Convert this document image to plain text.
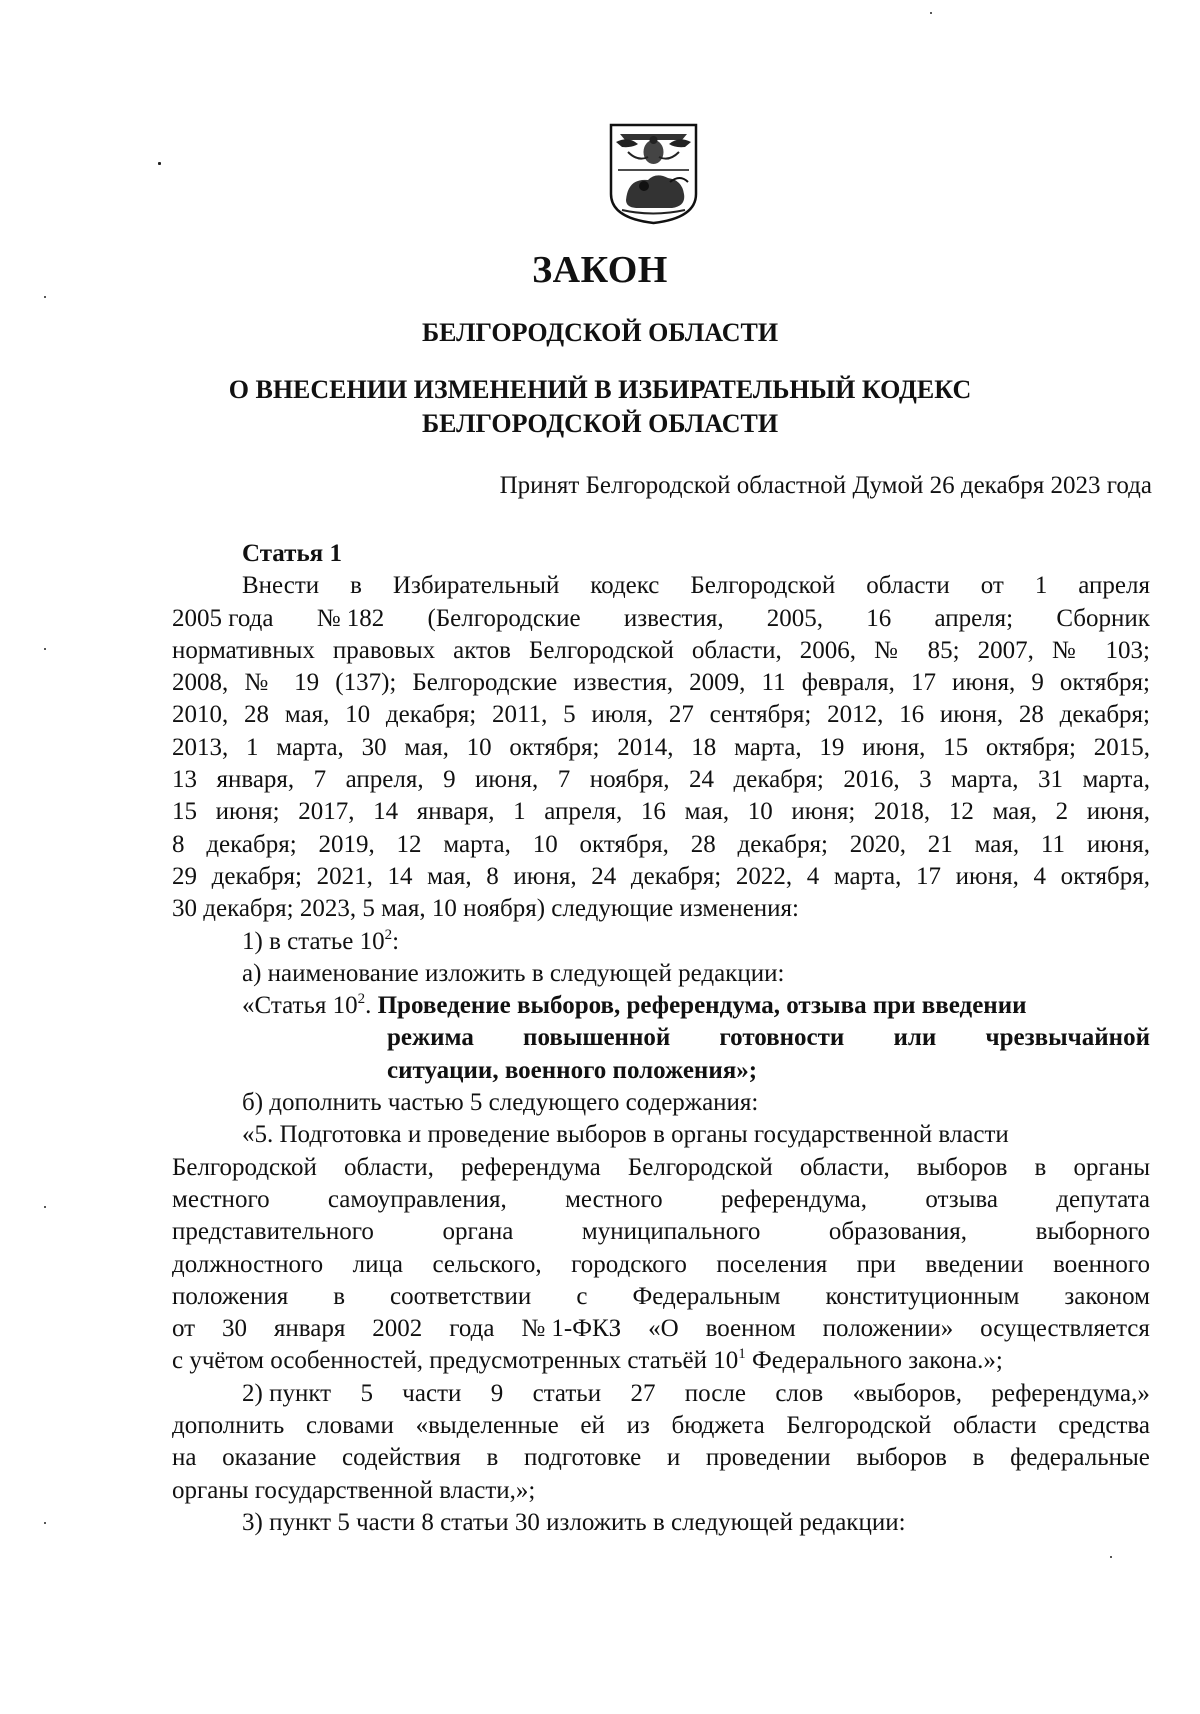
ЗАКОН
БЕЛГОРОДСКОЙ ОБЛАСТИ
О ВНЕСЕНИИ ИЗМЕНЕНИЙ В ИЗБИРАТЕЛЬНЫЙ КОДЕКС
БЕЛГОРОДСКОЙ ОБЛАСТИ
Принят Белгородской областной Думой 26 декабря 2023 года
Статья 1
Внести в Избирательный кодекс Белгородской области от 1 апреля
2005 года № 182 (Белгородские известия, 2005, 16 апреля; Сборник
нормативных правовых актов Белгородской области, 2006, № 85; 2007, № 103;
2008, № 19 (137); Белгородские известия, 2009, 11 февраля, 17 июня, 9 октября;
2010, 28 мая, 10 декабря; 2011, 5 июля, 27 сентября; 2012, 16 июня, 28 декабря;
2013, 1 марта, 30 мая, 10 октября; 2014, 18 марта, 19 июня, 15 октября; 2015,
13 января, 7 апреля, 9 июня, 7 ноября, 24 декабря; 2016, 3 марта, 31 марта,
15 июня; 2017, 14 января, 1 апреля, 16 мая, 10 июня; 2018, 12 мая, 2 июня,
8 декабря; 2019, 12 марта, 10 октября, 28 декабря; 2020, 21 мая, 11 июня,
29 декабря; 2021, 14 мая, 8 июня, 24 декабря; 2022, 4 марта, 17 июня, 4 октября,
30 декабря; 2023, 5 мая, 10 ноября) следующие изменения:
1) в статье $10^2$:
а) наименование изложить в следующей редакции:
«Статья $10^2$. Проведение выборов, референдума, отзыва при введении
режима повышенной готовности или чрезвычайной
ситуации, военного положения»;
б) дополнить частью 5 следующего содержания:
«5. Подготовка и проведение выборов в органы государственной власти
Белгородской области, референдума Белгородской области, выборов в органы
местного самоуправления, местного референдума, отзыва депутата
представительного	органа	муниципального	образования,	выборного
должностного лица сельского, городского поселения при введении военного
положения в соответствии с Федеральным конституционным законом
от 30 января 2002 года № 1-ФКЗ «О военном положении» осуществляется
с учётом особенностей, предусмотренных статьёй $10^1$ Федерального закона.»;
2) пункт 5 части 9 статьи 27 после слов «выборов, референдума,»
дополнить словами «выделенные ей из бюджета Белгородской области средства
на оказание содействия в подготовке и проведении выборов в федеральные
органы государственной власти,»;
3) пункт 5 части 8 статьи 30 изложить в следующей редакции:
